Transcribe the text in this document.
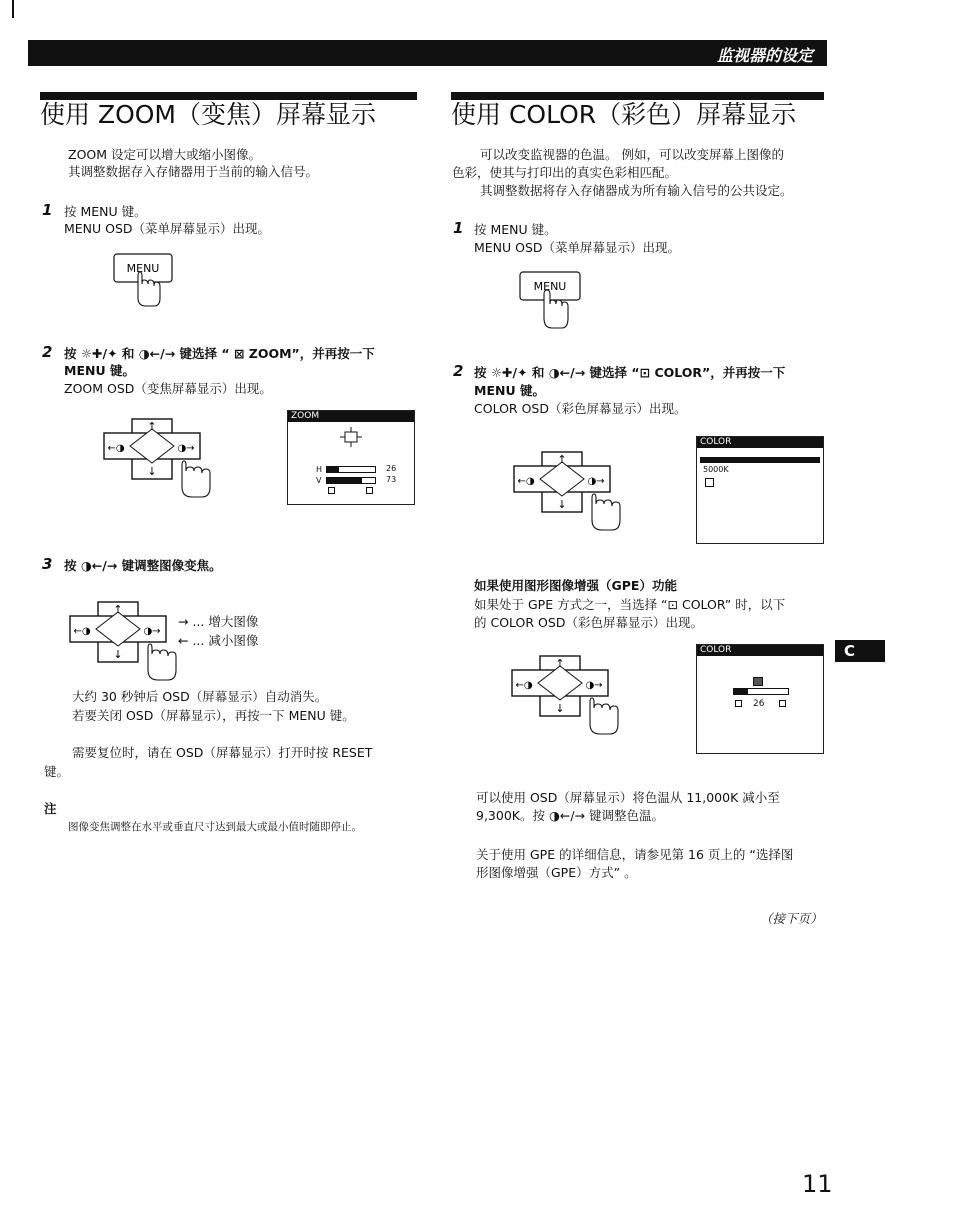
监视器的设定
使用 ZOOM（变焦）屏幕显示
ZOOM 设定可以增大或缩小图像。
其调整数据存入存储器用于当前的输入信号。
1 按 MENU 键。
MENU OSD（菜单屏幕显示）出现。
MENU
2 按 ☼✚/✦ 和 ◑←/→ 键选择 “ ⊠ ZOOM”，并再按一下
MENU 键。
ZOOM OSD（变焦屏幕显示）出现。
↑
↓
←◑	◑→
ZOOM
H	26
V	73
3 按 ◑←/→ 键调整图像变焦。
↑
↓
←◑	◑→
→ ... 增大图像
← ... 减小图像
大约 30 秒钟后 OSD（屏幕显示）自动消失。
若要关闭 OSD（屏幕显示），再按一下 MENU 键。
需要复位时，请在 OSD（屏幕显示）打开时按 RESET
键。
注
图像变焦调整在水平或垂直尺寸达到最大或最小值时随即停止。
使用 COLOR（彩色）屏幕显示
可以改变监视器的色温。 例如，可以改变屏幕上图像的
色彩，使其与打印出的真实色彩相匹配。
其调整数据将存入存储器成为所有输入信号的公共设定。
1 按 MENU 键。
MENU OSD（菜单屏幕显示）出现。
MENU
2 按 ☼✚/✦ 和 ◑←/→ 键选择 “⊡ COLOR”，并再按一下
MENU 键。
COLOR OSD（彩色屏幕显示）出现。
↑
↓
←◑	◑→
COLOR
5000K
如果使用图形图像增强（GPE）功能
如果处于 GPE 方式之一，当选择 “⊡ COLOR” 时，以下
的 COLOR OSD（彩色屏幕显示）出现。
↑
↓
←◑	◑→
COLOR
26
C
可以使用 OSD（屏幕显示）将色温从 11,000K 减小至
9,300K。按 ◑←/→ 键调整色温。
关于使用 GPE 的详细信息，请参见第 16 页上的 “选择图
形图像增强（GPE）方式” 。
（接下页）
11
